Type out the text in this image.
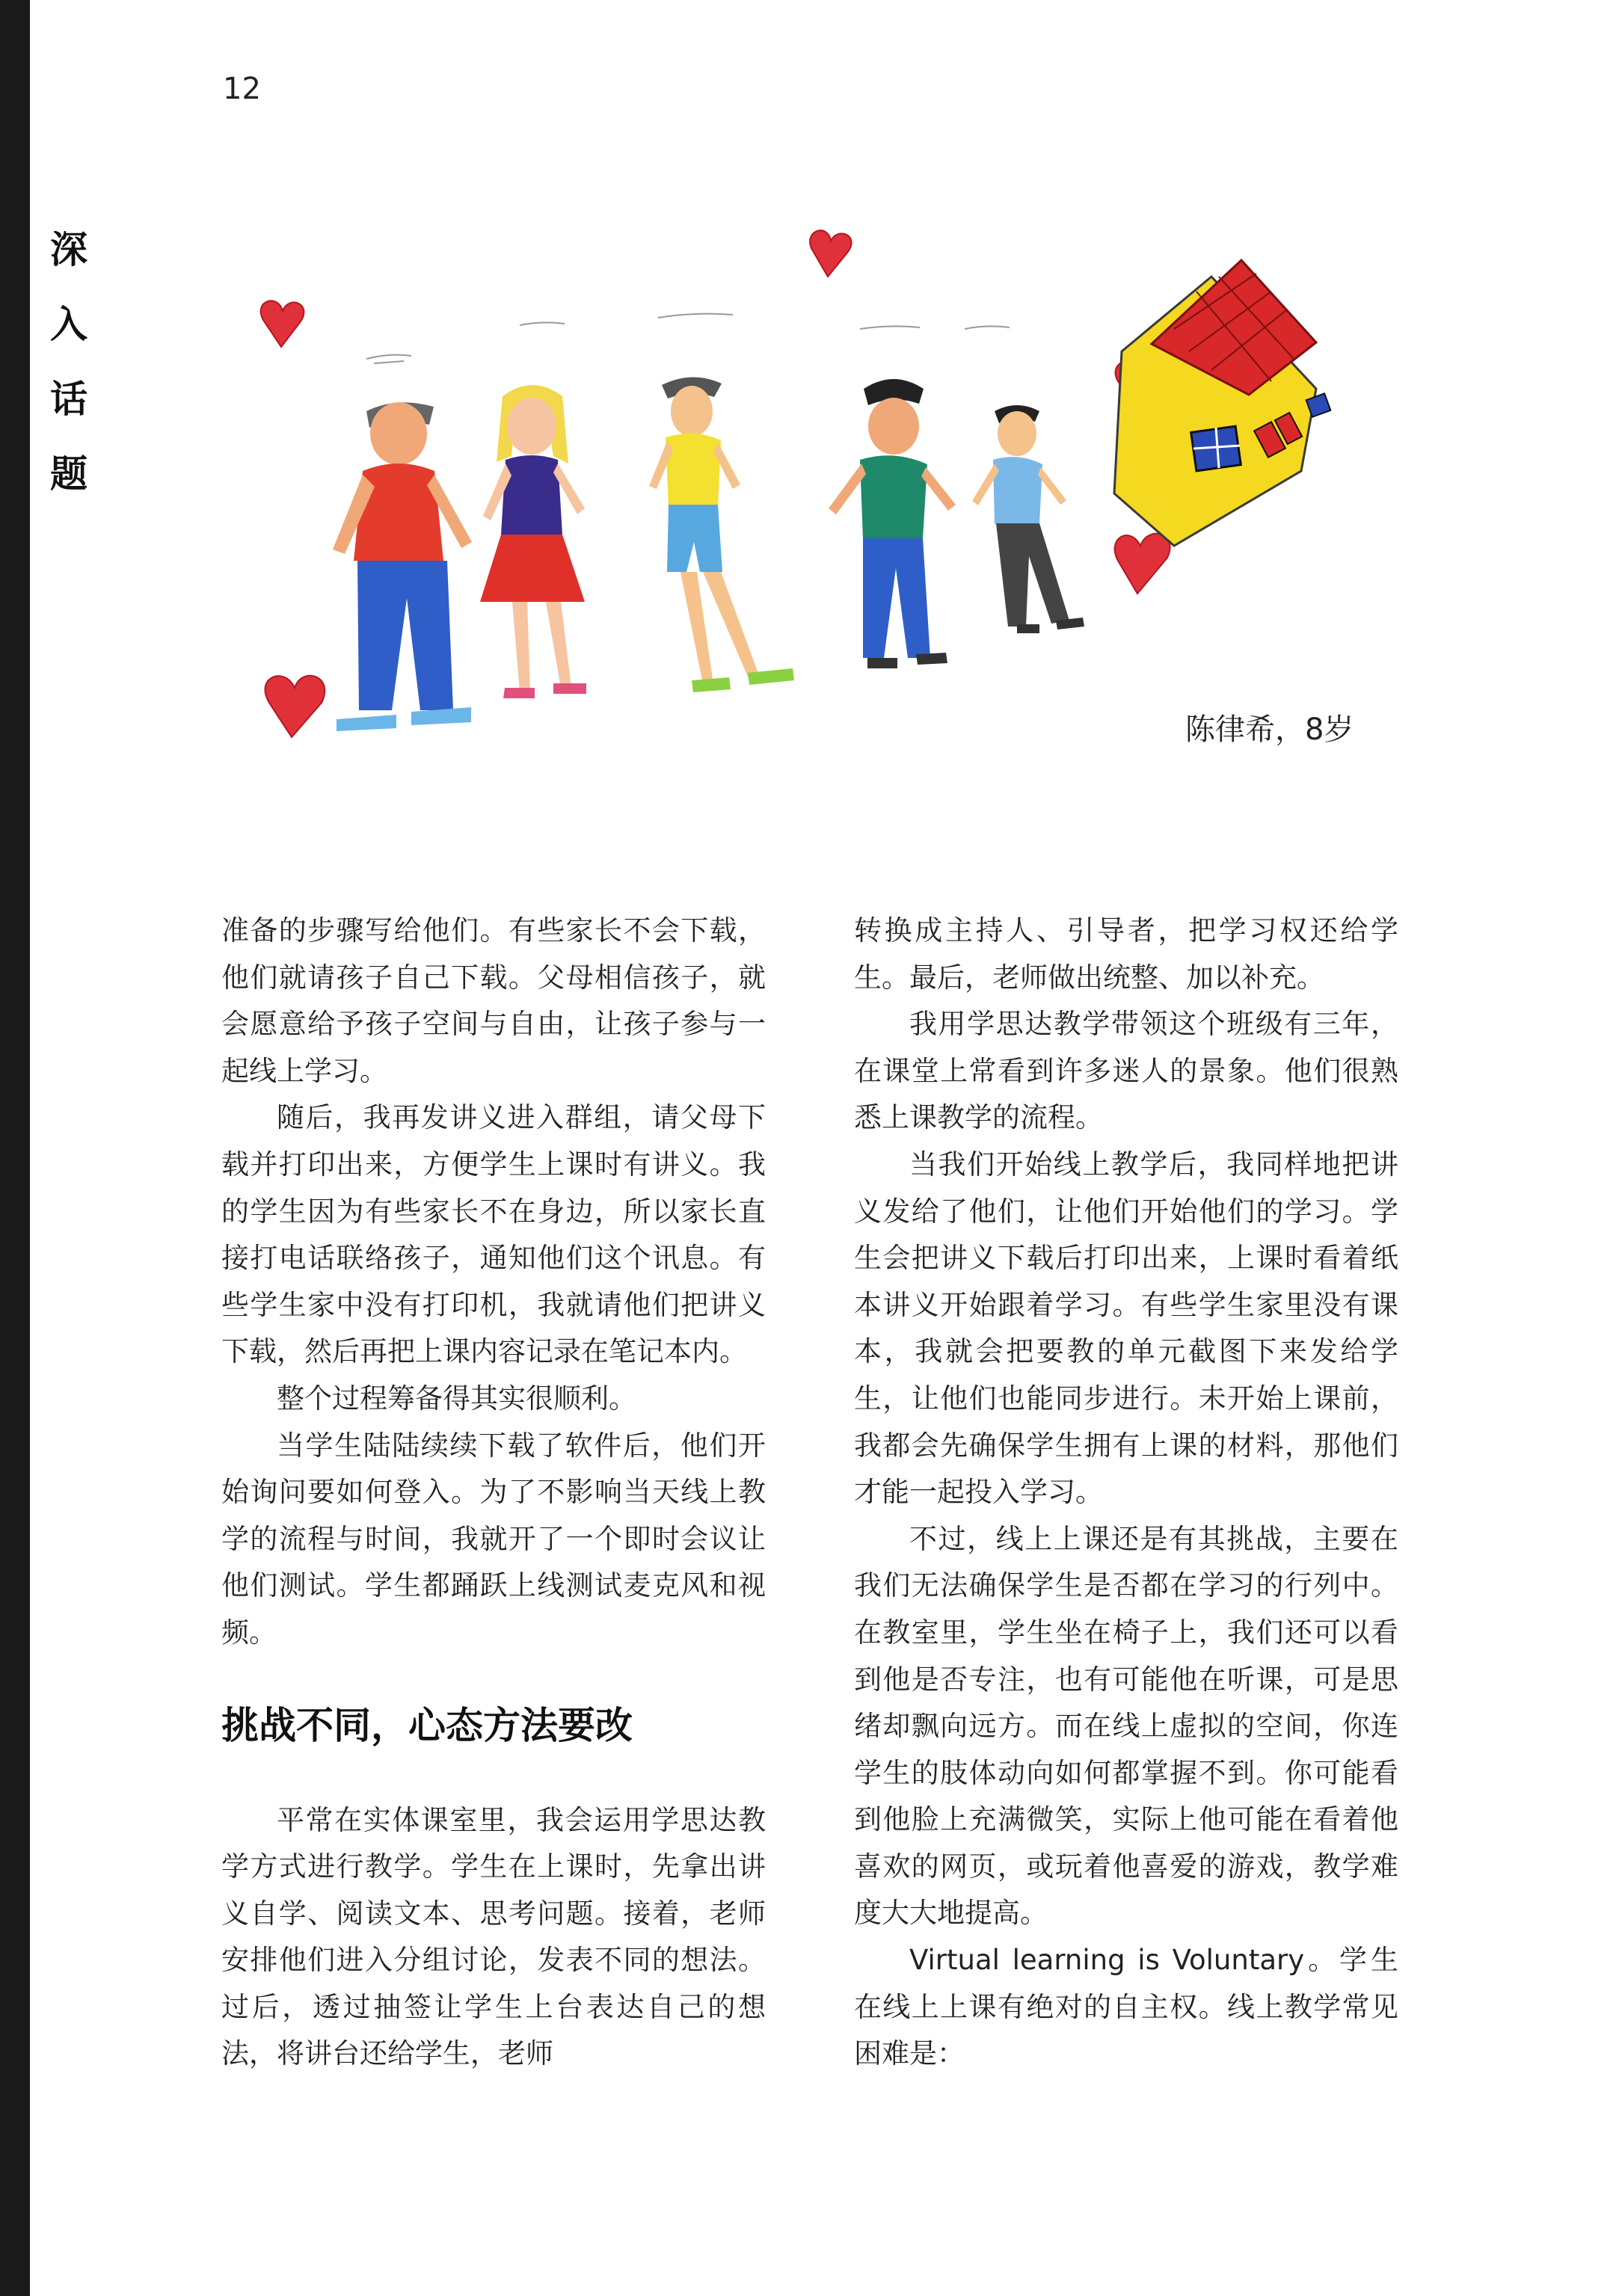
12
深
入
话
题
陈律希，8岁

准备的步骤写给他们。有些家长不会下载，他们就请孩子自己下载。父母相信孩子，就会愿意给予孩子空间与自由，让孩子参与一起线上学习。

随后，我再发讲义进入群组，请父母下载并打印出来，方便学生上课时有讲义。我的学生因为有些家长不在身边，所以家长直接打电话联络孩子，通知他们这个讯息。有些学生家中没有打印机，我就请他们把讲义下载，然后再把上课内容记录在笔记本内。

整个过程筹备得其实很顺利。

当学生陆陆续续下载了软件后，他们开始询问要如何登入。为了不影响当天线上教学的流程与时间，我就开了一个即时会议让他们测试。学生都踊跃上线测试麦克风和视频。

挑战不同，心态方法要改

平常在实体课室里，我会运用学思达教学方式进行教学。学生在上课时，先拿出讲义自学、阅读文本、思考问题。接着，老师安排他们进入分组讨论，发表不同的想法。过后，透过抽签让学生上台表达自己的想法，将讲台还给学生，老师

转换成主持人、引导者，把学习权还给学生。最后，老师做出统整、加以补充。

我用学思达教学带领这个班级有三年，在课堂上常看到许多迷人的景象。他们很熟悉上课教学的流程。

当我们开始线上教学后，我同样地把讲义发给了他们，让他们开始他们的学习。学生会把讲义下载后打印出来，上课时看着纸本讲义开始跟着学习。有些学生家里没有课本，我就会把要教的单元截图下来发给学生，让他们也能同步进行。未开始上课前，我都会先确保学生拥有上课的材料，那他们才能一起投入学习。

不过，线上上课还是有其挑战，主要在我们无法确保学生是否都在学习的行列中。在教室里，学生坐在椅子上，我们还可以看到他是否专注，也有可能他在听课，可是思绪却飘向远方。而在线上虚拟的空间，你连学生的肢体动向如何都掌握不到。你可能看到他脸上充满微笑，实际上他可能在看着他喜欢的网页，或玩着他喜爱的游戏，教学难度大大地提高。

Virtual learning is Voluntary。学生在线上上课有绝对的自主权。线上教学常见困难是：
